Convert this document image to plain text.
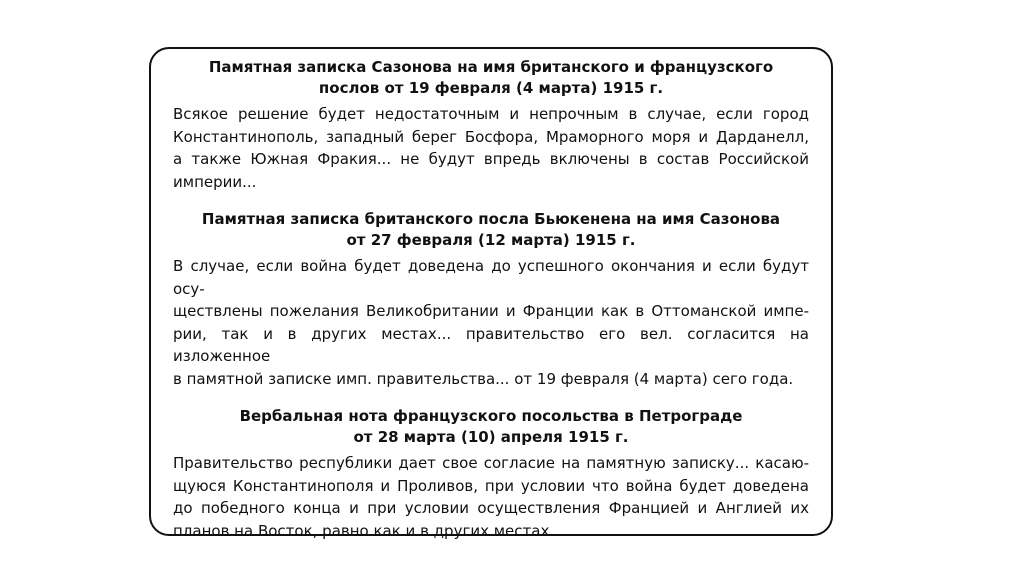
Памятная записка Сазонова на имя британского и французского
послов от 19 февраля (4 марта) 1915 г.

Всякое решение будет недостаточным и непрочным в случае, если город
Константинополь, западный берег Босфора, Мраморного моря и Дарданелл,
а также Южная Фракия... не будут впредь включены в состав Российской
империи...

Памятная записка британского посла Бьюкенена на имя Сазонова
от 27 февраля (12 марта) 1915 г.

В случае, если война будет доведена до успешного окончания и если будут осу-
ществлены пожелания Великобритании и Франции как в Оттоманской импе-
рии, так и в других местах... правительство его вел. согласится на изложенное
в памятной записке имп. правительства... от 19 февраля (4 марта) сего года.

Вербальная нота французского посольства в Петрограде
от 28 марта (10) апреля 1915 г.

Правительство республики дает свое согласие на памятную записку... касаю-
щуюся Константинополя и Проливов, при условии что война будет доведена
до победного конца и при условии осуществления Францией и Англией их
планов на Восток, равно как и в других местах...
